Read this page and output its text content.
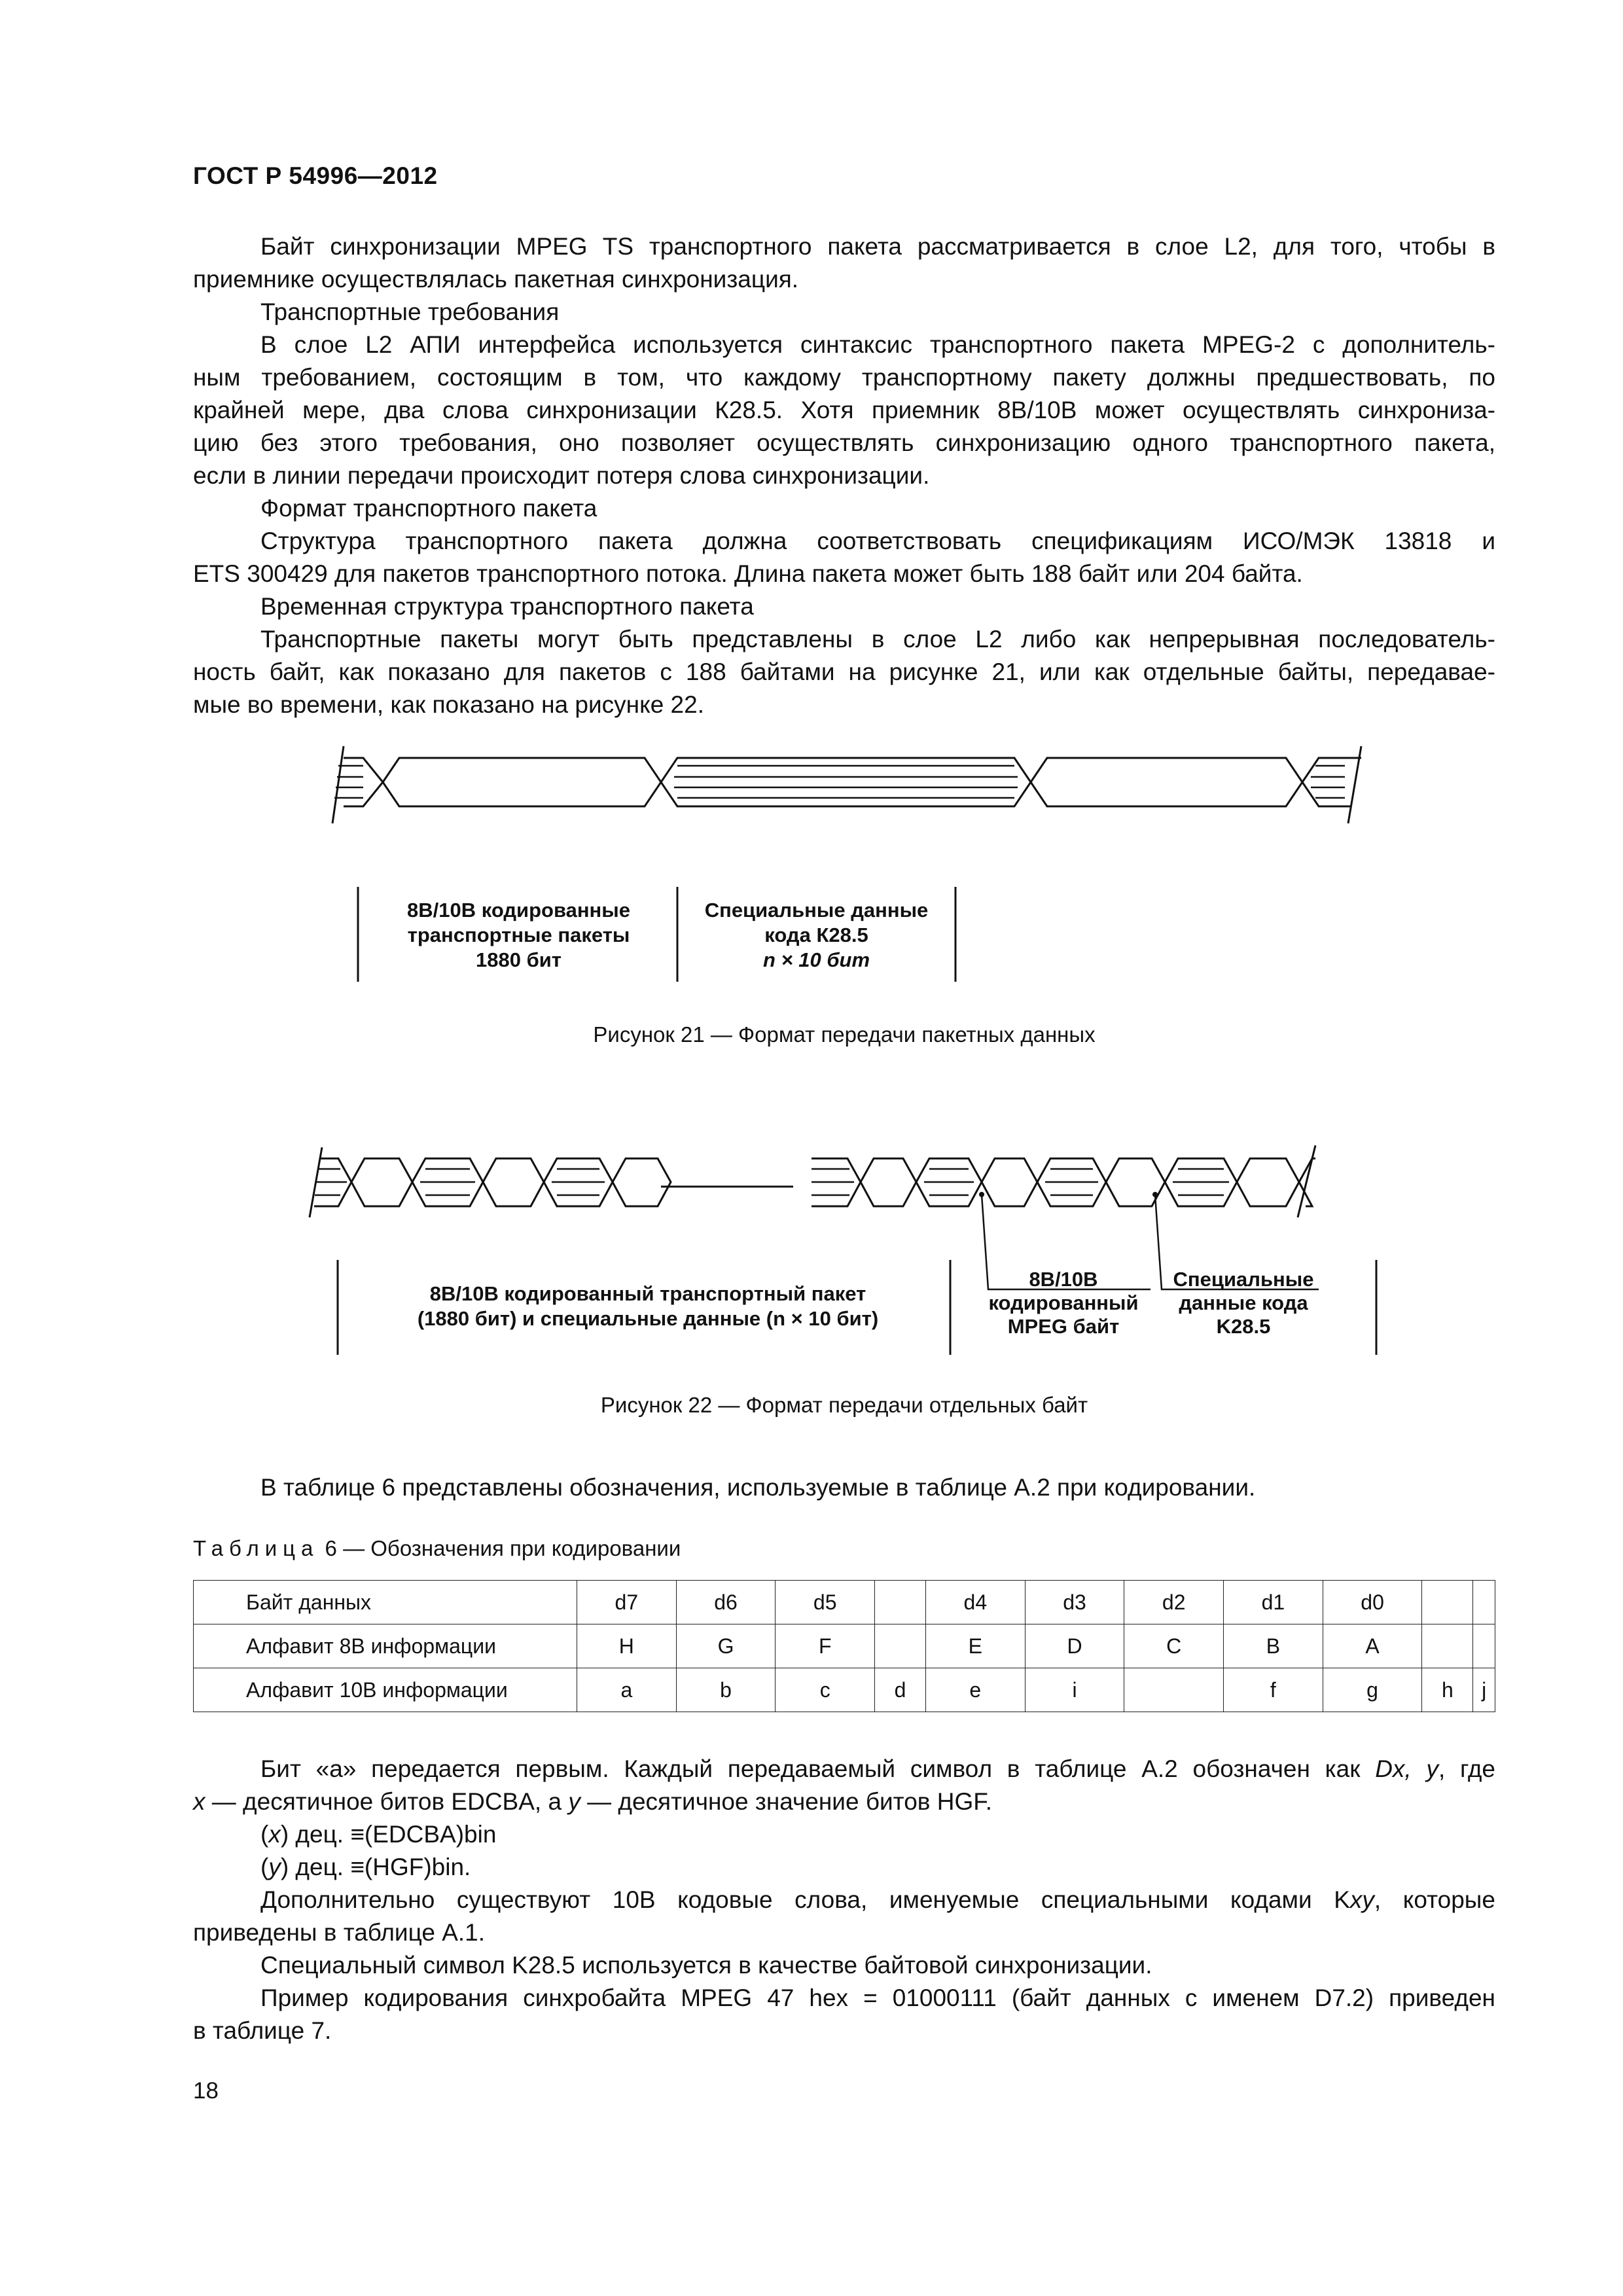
ГОСТ Р 54996—2012

Байт синхронизации MPEG TS транспортного пакета рассматривается в слое L2, для того, чтобы в
приемнике осуществлялась пакетная синхронизация.

Транспортные требования

В слое L2 АПИ интерфейса используется синтаксис транспортного пакета MPEG-2 с дополнитель-
ным требованием, состоящим в том, что каждому транспортному пакету должны предшествовать, по
крайней мере, два слова синхронизации К28.5. Хотя приемник 8B/10B может осуществлять синхрониза-
цию без этого требования, оно позволяет осуществлять синхронизацию одного транспортного пакета,
если в линии передачи происходит потеря слова синхронизации.

Формат транспортного пакета

Структура транспортного пакета должна соответствовать спецификациям ИСО/МЭК 13818 и
ETS 300429 для пакетов транспортного потока. Длина пакета может быть 188 байт или 204 байта.

Временная структура транспортного пакета

Транспортные пакеты могут быть представлены в слое L2 либо как непрерывная последователь-
ность байт, как показано для пакетов с 188 байтами на рисунке 21, или как отдельные байты, передавае-
мые во времени, как показано на рисунке 22.

8B/10B кодированные
транспортные пакеты
1880 бит
Специальные данные
кода К28.5
n × 10 бит
Рисунок 21 — Формат передачи пакетных данных
8B/10B кодированный транспортный пакет
(1880 бит) и специальные данные (n × 10 бит)
8B/10B
кодированный
MPEG байт
Специальные
данные кода
K28.5
Рисунок 22 — Формат передачи отдельных байт

В таблице 6 представлены обозначения, используемые в таблице А.2 при кодировании.

Таблица 6 — Обозначения при кодировании
Байт данных	d7	d6	d5		d4	d3	d2	d1	d0		
Алфавит 8B информации	H	G	F		E	D	C	B	A		
Алфавит 10B информации	a	b	c	d	e	i		f	g	h	j

Бит «а» передается первым. Каждый передаваемый символ в таблице А.2 обозначен как Dx, y, где
x — десятичное битов EDCBA, а y — десятичное значение битов HGF.

(x) дец. ≡(EDCBA)bin

(y) дец. ≡(HGF)bin.

Дополнительно существуют 10B кодовые слова, именуемые специальными кодами Kxy, которые
приведены в таблице А.1.

Специальный символ K28.5 используется в качестве байтовой синхронизации.

Пример кодирования синхробайта MPEG 47 hex = 01000111 (байт данных с именем D7.2) приведен
в таблице 7.

18
